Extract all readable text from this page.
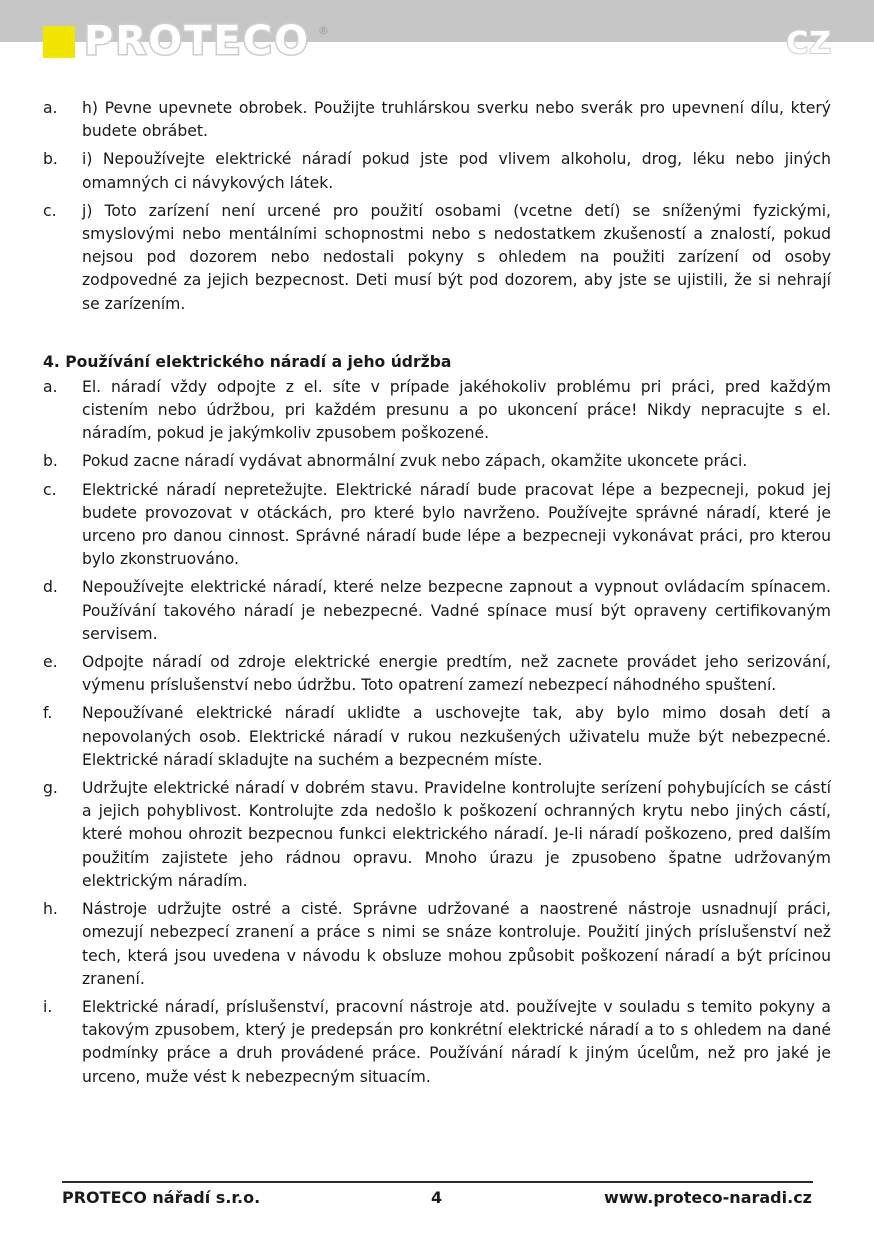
PROTECO ®	CZ
a.	h) Pevne upevnete obrobek. Použijte truhlárskou sverku nebo sverák pro upevnení dílu, který budete obrábet.
b.	i) Nepoužívejte elektrické náradí pokud jste pod vlivem alkoholu, drog, léku nebo jiných omamných ci návykových látek.
c.	j) Toto zarízení není urcené pro použití osobami (vcetne detí) se sníženými fyzickými, smyslovými nebo mentálními schopnostmi nebo s nedostatkem zkušeností a znalostí, pokud nejsou pod dozorem nebo nedostali pokyny s ohledem na použiti zarízení od osoby zodpovedné za jejich bezpecnost. Deti musí být pod dozorem, aby jste se ujistili, že si nehrají se zarízením.
4. Používání elektrického náradí a jeho údržba
a.	El. náradí vždy odpojte z el. síte v prípade jakéhokoliv problému pri práci, pred každým cistením nebo údržbou, pri každém presunu a po ukoncení práce! Nikdy nepracujte s el. náradím, pokud je jakýmkoliv zpusobem poškozené.
b.	Pokud zacne náradí vydávat abnormální zvuk nebo zápach, okamžite ukoncete práci.
c.	Elektrické náradí nepretežujte. Elektrické náradí bude pracovat lépe a bezpecneji, pokud jej budete provozovat v otáckách, pro které bylo navrženo. Používejte správné náradí, které je urceno pro danou cinnost. Správné náradí bude lépe a bezpecneji vykonávat práci, pro kterou bylo zkonstruováno.
d.	Nepoužívejte elektrické náradí, které nelze bezpecne zapnout a vypnout ovládacím spínacem. Používání takového náradí je nebezpecné. Vadné spínace musí být opraveny certifikovaným servisem.
e.	Odpojte náradí od zdroje elektrické energie predtím, než zacnete provádet jeho serizování, výmenu príslušenství nebo údržbu. Toto opatrení zamezí nebezpecí náhodného spuštení.
f.	Nepoužívané elektrické náradí uklidte a uschovejte tak, aby bylo mimo dosah detí a nepovolaných osob. Elektrické náradí v rukou nezkušených uživatelu muže být nebezpecné. Elektrické náradí skladujte na suchém a bezpecném míste.
g.	Udržujte elektrické náradí v dobrém stavu. Pravidelne kontrolujte serízení pohybujících se cástí a jejich pohyblivost. Kontrolujte zda nedošlo k poškození ochranných krytu nebo jiných cástí, které mohou ohrozit bezpecnou funkci elektrického náradí. Je-li náradí poškozeno, pred dalším použitím zajistete jeho rádnou opravu. Mnoho úrazu je zpusobeno špatne udržovaným elektrickým náradím.
h.	Nástroje udržujte ostré a cisté. Správne udržované a naostrené nástroje usnadnují práci, omezují nebezpecí zranení a práce s nimi se snáze kontroluje. Použití jiných príslušenství než tech, která jsou uvedena v návodu k obsluze mohou způsobit poškození náradí a být prícinou zranení.
i.	Elektrické náradí, príslušenství, pracovní nástroje atd. používejte v souladu s temito pokyny a takovým zpusobem, který je predepsán pro konkrétní elektrické náradí a to s ohledem na dané podmínky práce a druh provádené práce. Používání náradí k jiným úcelům, než pro jaké je urceno, muže vést k nebezpecným situacím.
PROTECO nářadí s.r.o.	4	www.proteco-naradi.cz
